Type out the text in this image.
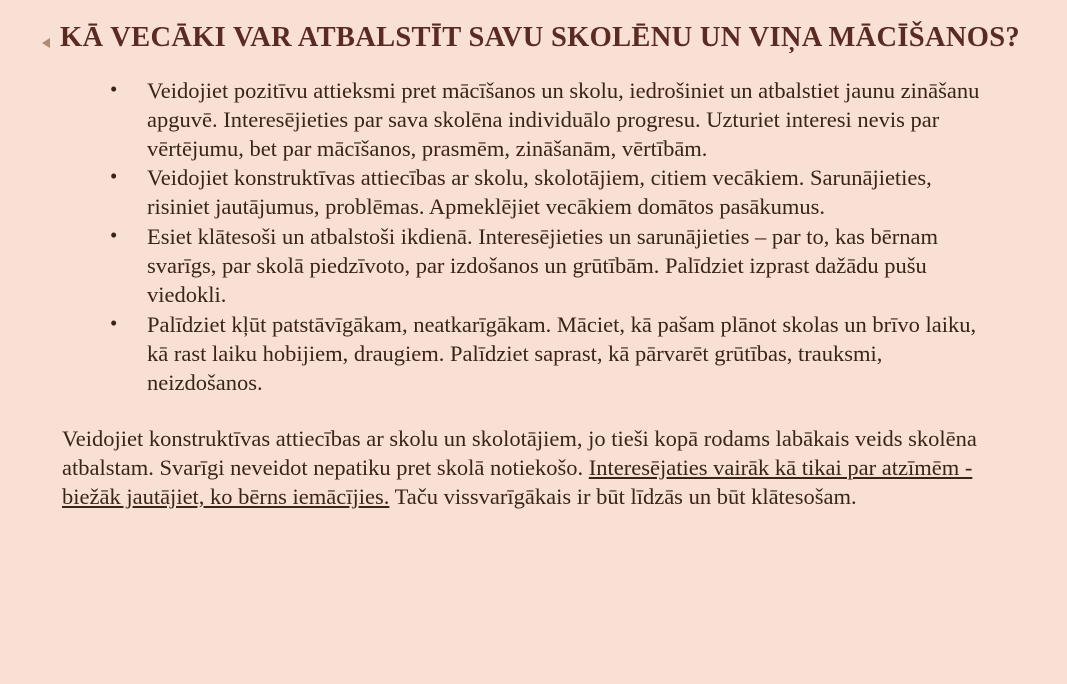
KĀ VECĀKI VAR ATBALSTĪT SAVU SKOLĒNU UN VIŅA MĀCĪŠANOS?
• Veidojiet pozitīvu attieksmi pret mācīšanos un skolu, iedrošiniet un atbalstiet jaunu zināšanu apguvē. Interesējieties par sava skolēna individuālo progresu. Uzturiet interesi nevis par vērtējumu, bet par mācīšanos, prasmēm, zināšanām, vērtībām.
• Veidojiet konstruktīvas attiecības ar skolu, skolotājiem, citiem vecākiem. Sarunājieties, risiniet jautājumus, problēmas. Apmeklējiet vecākiem domātos pasākumus.
• Esiet klātesoši un atbalstoši ikdienā. Interesējieties un sarunājieties – par to, kas bērnam svarīgs, par skolā piedzīvoto, par izdošanos un grūtībām. Palīdziet izprast dažādu pušu viedokli.
• Palīdziet kļūt patstāvīgākam, neatkarīgākam. Māciet, kā pašam plānot skolas un brīvo laiku, kā rast laiku hobijiem, draugiem. Palīdziet saprast, kā pārvarēt grūtības, trauksmi, neizdošanos.

Veidojiet konstruktīvas attiecības ar skolu un skolotājiem, jo tieši kopā rodams labākais veids skolēna atbalstam. Svarīgi neveidot nepatiku pret skolā notiekošo. Interesējaties vairāk kā tikai par atzīmēm - biežāk jautājiet, ko bērns iemācījies. Taču vissvarīgākais ir būt līdzās un būt klātesošam.
